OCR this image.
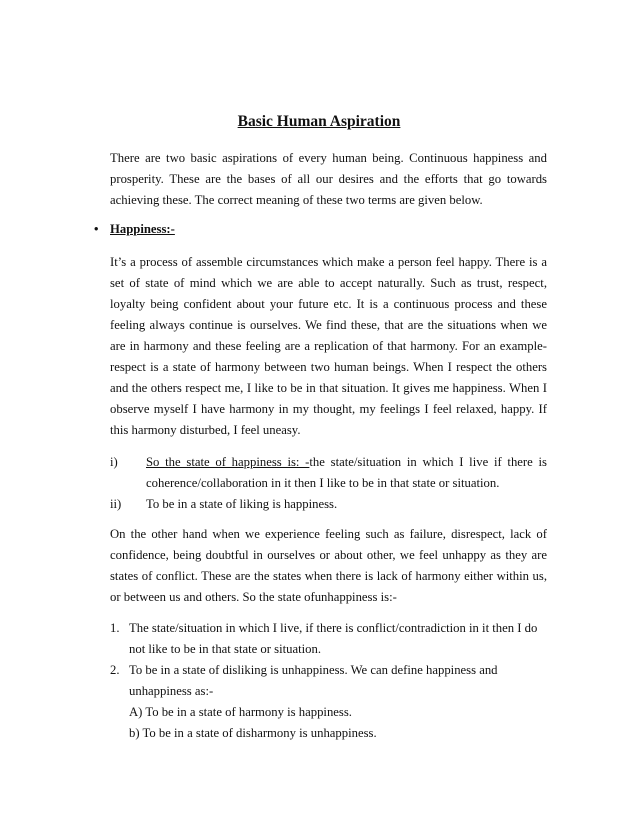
Basic Human Aspiration

There are two basic aspirations of every human being. Continuous happiness and prosperity. These are the bases of all our desires and the efforts that go towards achieving these. The correct meaning of these two terms are given below.

• Happiness:-

It’s a process of assemble circumstances which make a person feel happy. There is a set of state of mind which we are able to accept naturally. Such as trust, respect, loyalty being confident about your future etc. It is a continuous process and these feeling always continue is ourselves. We find these, that are the situations when we are in harmony and these feeling are a replication of that harmony. For an example- respect is a state of harmony between two human beings. When I respect the others and the others respect me, I like to be in that situation. It gives me happiness. When I observe myself I have harmony in my thought, my feelings I feel relaxed, happy. If this harmony disturbed, I feel uneasy.

i) So the state of happiness is: -the state/situation in which I live if there is coherence/collaboration in it then I like to be in that state or situation.
ii) To be in a state of liking is happiness.

On the other hand when we experience feeling such as failure, disrespect, lack of confidence, being doubtful in ourselves or about other, we feel unhappy as they are states of conflict. These are the states when there is lack of harmony either within us, or between us and others. So the state ofunhappiness is:-

1. The state/situation in which I live, if there is conflict/contradiction in it then I do not like to be in that state or situation.
2. To be in a state of disliking is unhappiness. We can define happiness and unhappiness as:-
A) To be in a state of harmony is happiness.
b) To be in a state of disharmony is unhappiness.
